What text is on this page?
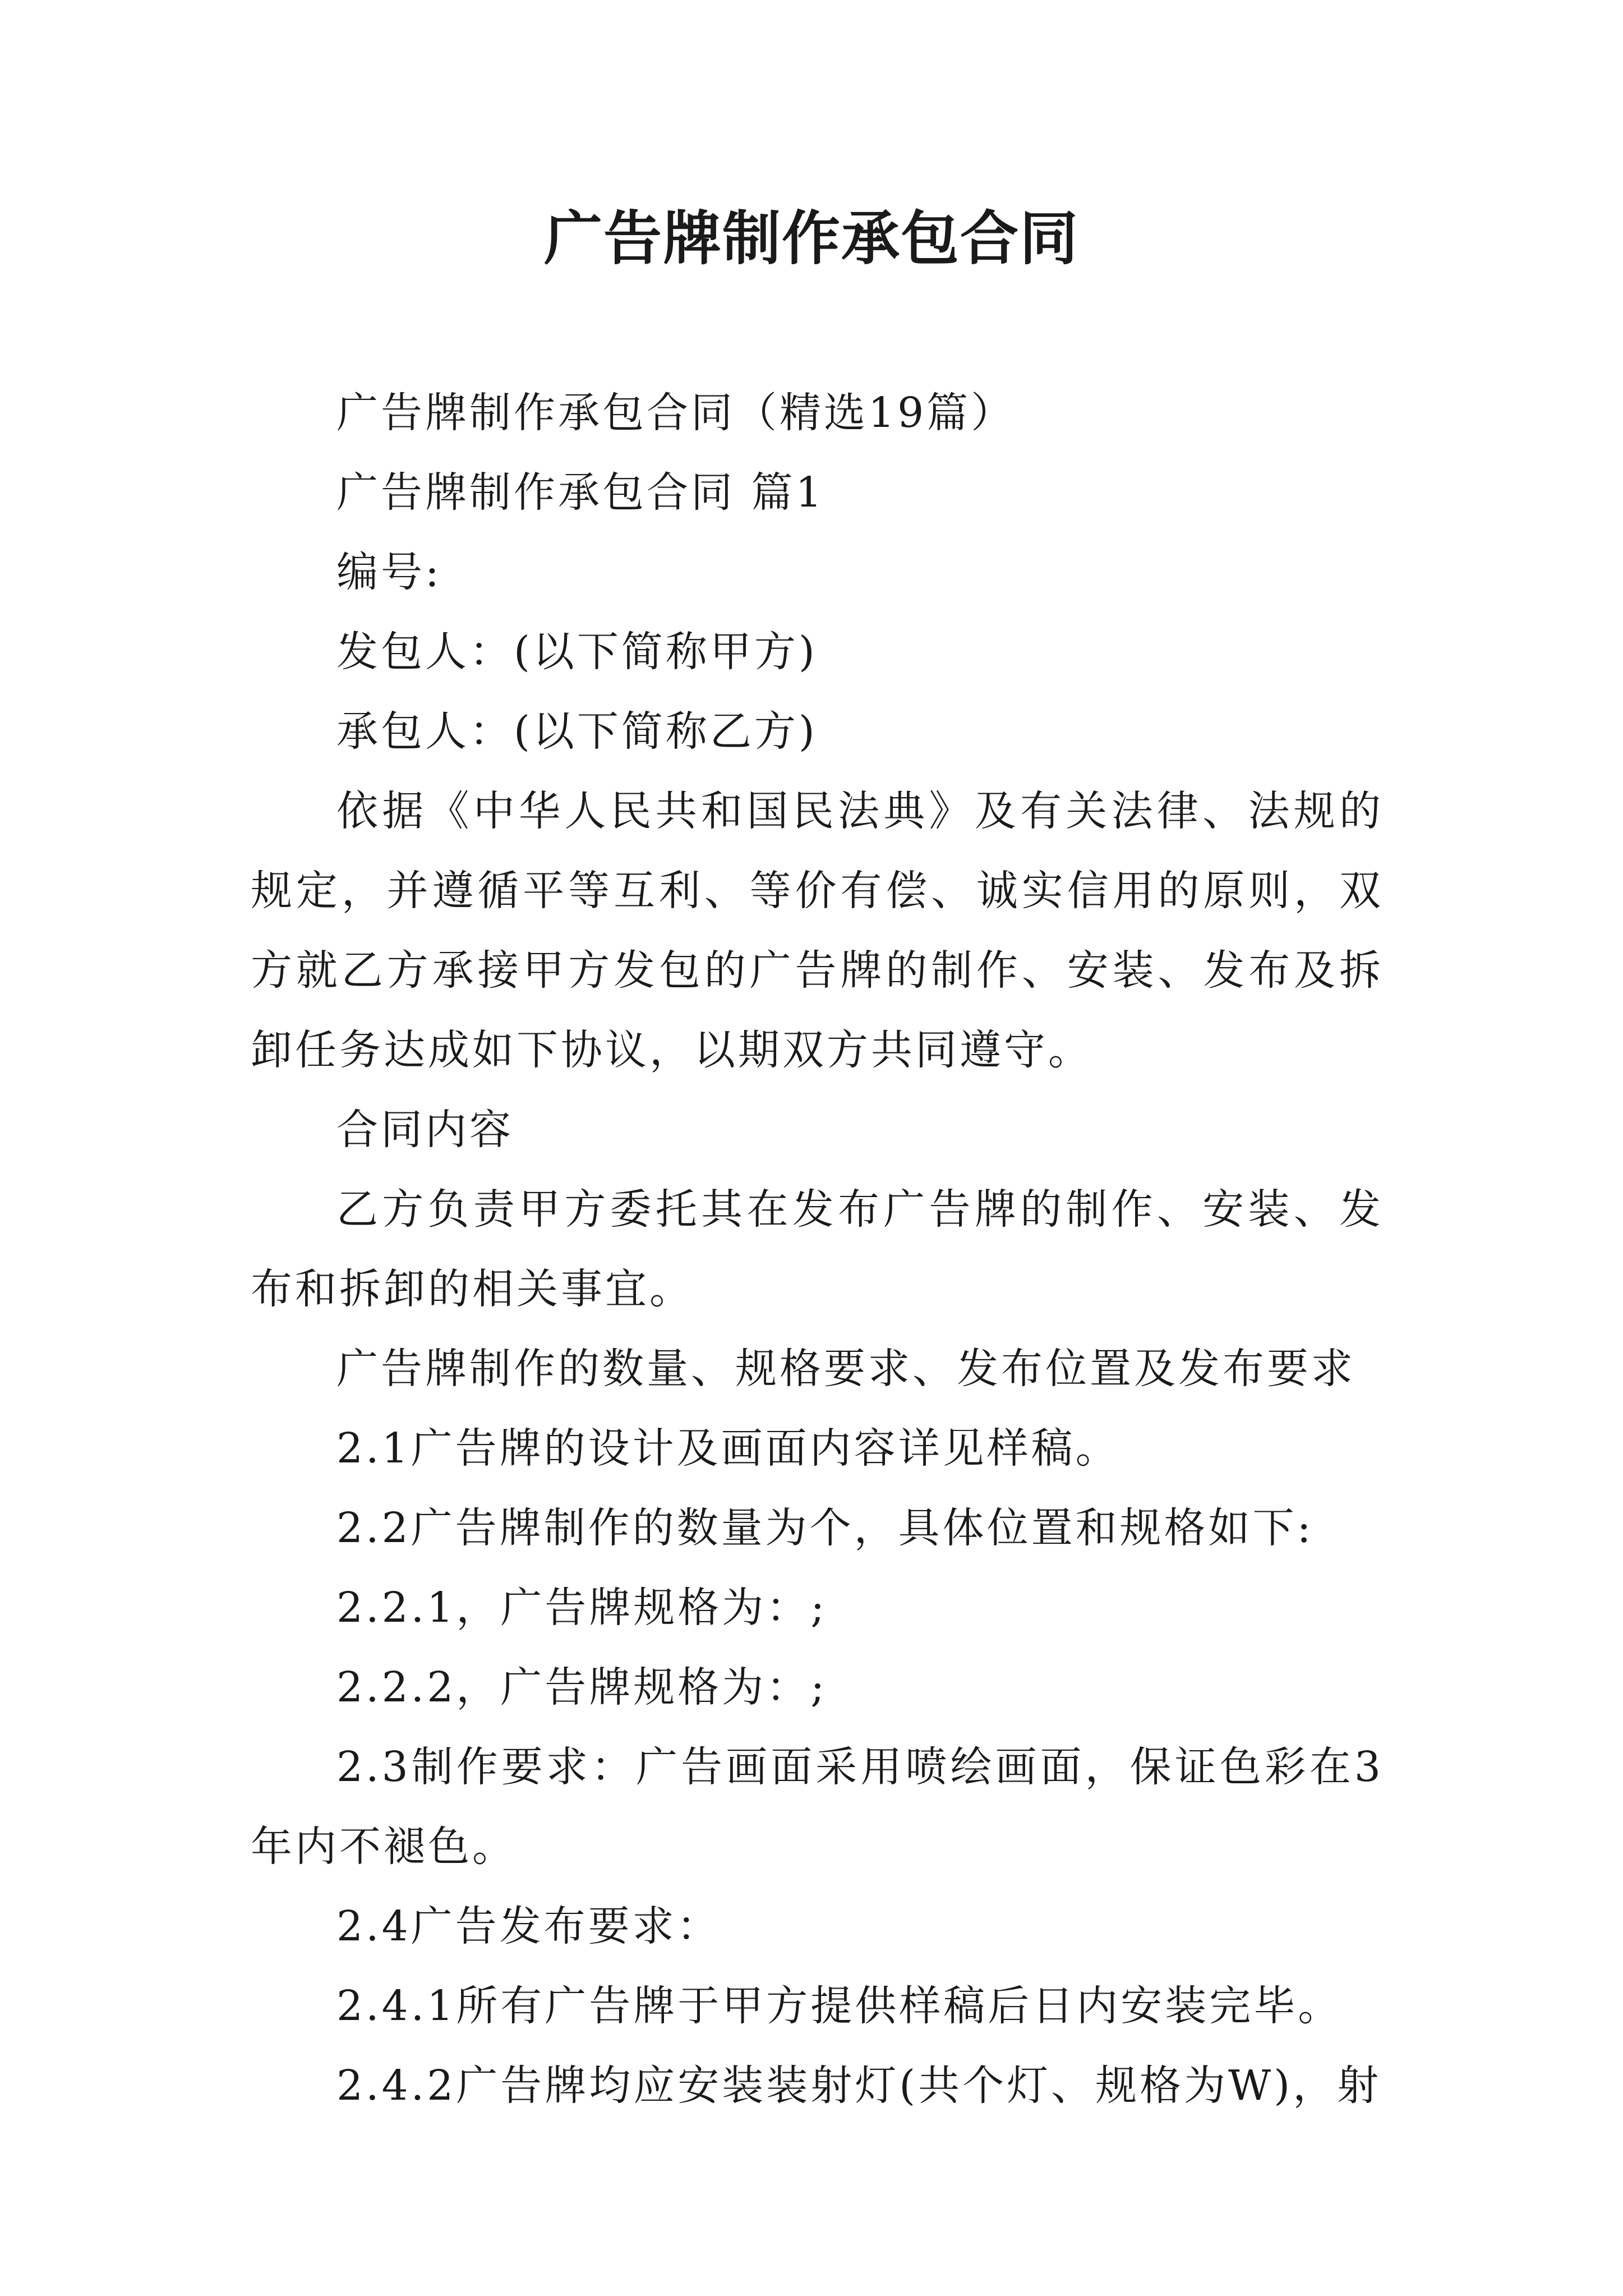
广告牌制作承包合同

广告牌制作承包合同（精选19篇）

广告牌制作承包合同 篇1

编号:

发包人：(以下简称甲方)

承包人：(以下简称乙方)

依据《中华人民共和国民法典》及有关法律、法规的规定，并遵循平等互利、等价有偿、诚实信用的原则，双方就乙方承接甲方发包的广告牌的制作、安装、发布及拆卸任务达成如下协议，以期双方共同遵守。

合同内容

乙方负责甲方委托其在发布广告牌的制作、安装、发布和拆卸的相关事宜。

广告牌制作的数量、规格要求、发布位置及发布要求

2.1广告牌的设计及画面内容详见样稿。

2.2广告牌制作的数量为个，具体位置和规格如下:

2.2.1，广告牌规格为：;

2.2.2，广告牌规格为：;

2.3制作要求：广告画面采用喷绘画面，保证色彩在3年内不褪色。

2.4广告发布要求：

2.4.1所有广告牌于甲方提供样稿后日内安装完毕。

2.4.2广告牌均应安装装射灯(共个灯、规格为W)，射
